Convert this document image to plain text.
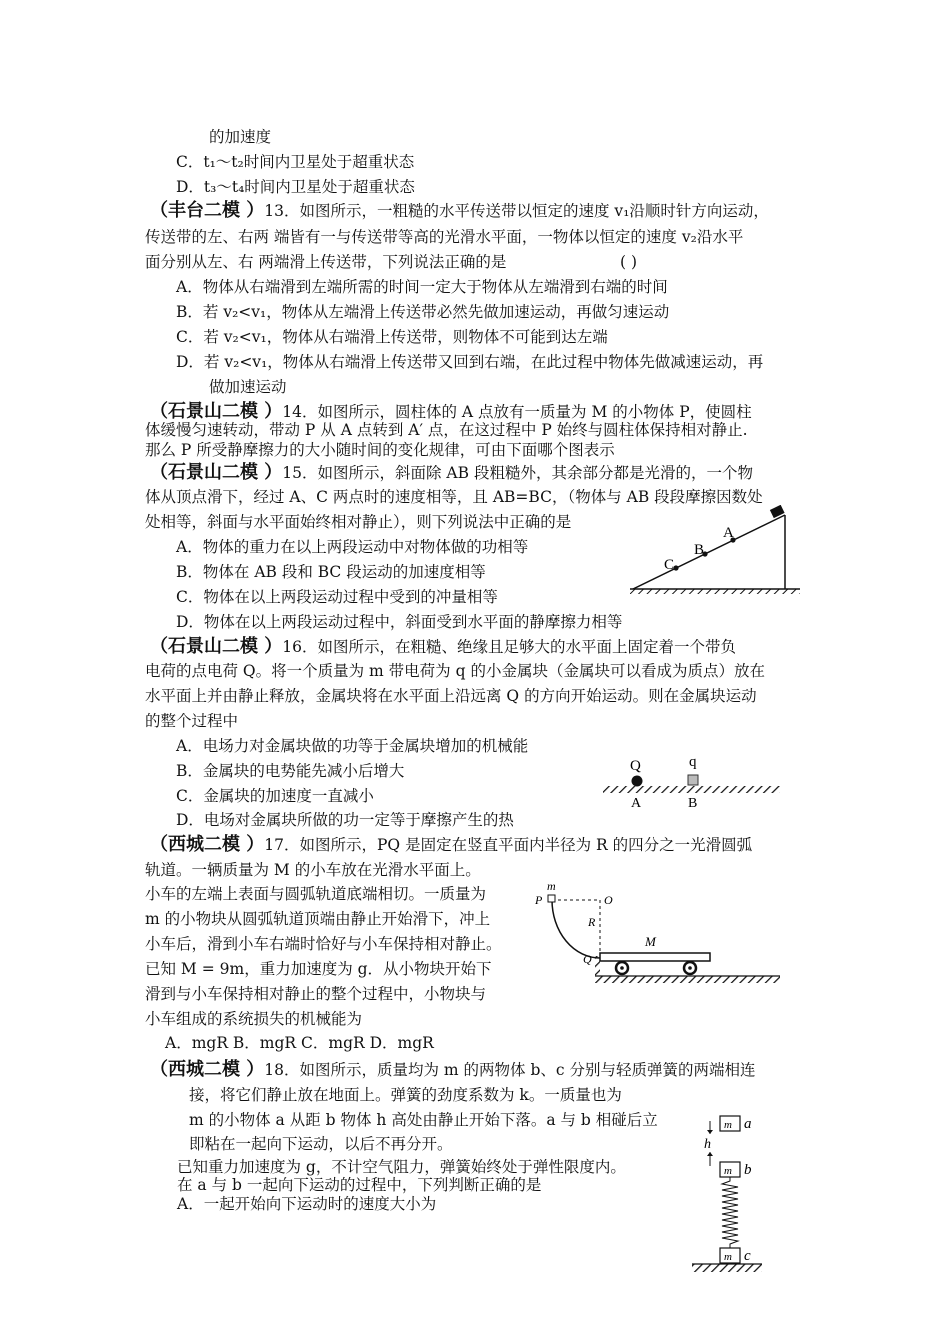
的加速度
C．t₁～t₂时间内卫星处于超重状态
D．t₃～t₄时间内卫星处于超重状态
（丰台二模 ）13．如图所示，一粗糙的水平传送带以恒定的速度 v₁沿顺时针方向运动，
传送带的左、右两 端皆有一与传送带等高的光滑水平面，一物体以恒定的速度 v₂沿水平
面分别从左、右 两端滑上传送带，下列说法正确的是	( )
A．物体从右端滑到左端所需的时间一定大于物体从左端滑到右端的时间
B．若 v₂<v₁，物体从左端滑上传送带必然先做加速运动，再做匀速运动
C．若 v₂<v₁，物体从右端滑上传送带，则物体不可能到达左端
D．若 v₂<v₁，物体从右端滑上传送带又回到右端，在此过程中物体先做减速运动，再
做加速运动
（石景山二模 ）14．如图所示，圆柱体的 A 点放有一质量为 M 的小物体 P，使圆柱
体缓慢匀速转动，带动 P 从 A 点转到 A′ 点，在这过程中 P 始终与圆柱体保持相对静止.
那么 P 所受静摩擦力的大小随时间的变化规律，可由下面哪个图表示
（石景山二模 ）15．如图所示，斜面除 AB 段粗糙外，其余部分都是光滑的，一个物
体从顶点滑下，经过 A、C 两点时的速度相等，且 AB=BC，（物体与 AB 段段摩擦因数处
处相等，斜面与水平面始终相对静止），则下列说法中正确的是
A．物体的重力在以上两段运动中对物体做的功相等
B．物体在 AB 段和 BC 段运动的加速度相等
C．物体在以上两段运动过程中受到的冲量相等
D．物体在以上两段运动过程中，斜面受到水平面的静摩擦力相等
A
B
C
（石景山二模 ）16．如图所示，在粗糙、绝缘且足够大的水平面上固定着一个带负
电荷的点电荷 Q。将一个质量为 m 带电荷为 q 的小金属块（金属块可以看成为质点）放在
水平面上并由静止释放，金属块将在水平面上沿远离 Q 的方向开始运动。则在金属块运动
的整个过程中
A．电场力对金属块做的功等于金属块增加的机械能
B．金属块的电势能先减小后增大
C．金属块的加速度一直减小
D．电场对金属块所做的功一定等于摩擦产生的热
Q	q
A	B
（西城二模 ）17．如图所示，PQ 是固定在竖直平面内半径为 R 的四分之一光滑圆弧
轨道。一辆质量为 M 的小车放在光滑水平面上。
小车的左端上表面与圆弧轨道底端相切。一质量为
m 的小物块从圆弧轨道顶端由静止开始滑下，冲上
小车后，滑到小车右端时恰好与小车保持相对静止。
已知 M = 9m，重力加速度为 g．从小物块开始下
滑到与小车保持相对静止的整个过程中，小物块与
小车组成的系统损失的机械能为
A．mgR B．mgR C．mgR D．mgR
m
P	O
R
M
Q
（西城二模 ）18．如图所示，质量均为 m 的两物体 b、c 分别与轻质弹簧的两端相连
接，将它们静止放在地面上。弹簧的劲度系数为 k。一质量也为
m 的小物体 a 从距 b 物体 h 高处由静止开始下落。a 与 b 相碰后立
即粘在一起向下运动，以后不再分开。
已知重力加速度为 g，不计空气阻力，弹簧始终处于弹性限度内。
在 a 与 b 一起向下运动的过程中，下列判断正确的是
A．一起开始向下运动时的速度大小为
m a
h
m b
m c
